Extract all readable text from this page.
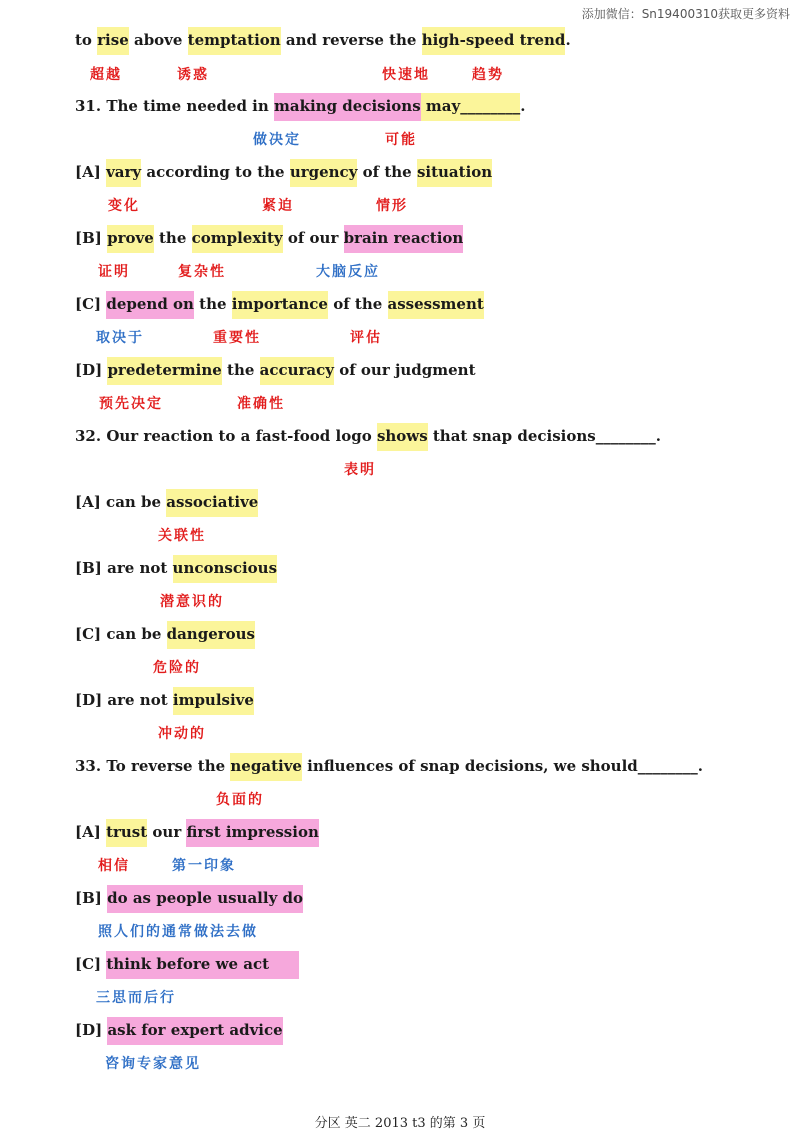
添加微信：Sn19400310获取更多资料
to rise above temptation and reverse the high-speed trend.
超越	诱惑	快速地	趋势
31. The time needed in making decisions may________.
做决定	可能
[A] vary according to the urgency of the situation
变化	紧迫	情形
[B] prove the complexity of our brain reaction
证明	复杂性	大脑反应
[C] depend on the importance of the assessment
取决于	重要性	评估
[D] predetermine the accuracy of our judgment
预先决定	准确性
32. Our reaction to a fast-food logo shows that snap decisions________.
表明
[A] can be associative
关联性
[B] are not unconscious
潜意识的
[C] can be dangerous
危险的
[D] are not impulsive
冲动的
33. To reverse the negative influences of snap decisions, we should________.
负面的
[A] trust our first impression
相信	第一印象
[B] do as people usually do
照人们的通常做法去做
[C] think before we act
三思而后行
[D] ask for expert advice
咨询专家意见
分区 英二 2013 t3 的第 3 页
